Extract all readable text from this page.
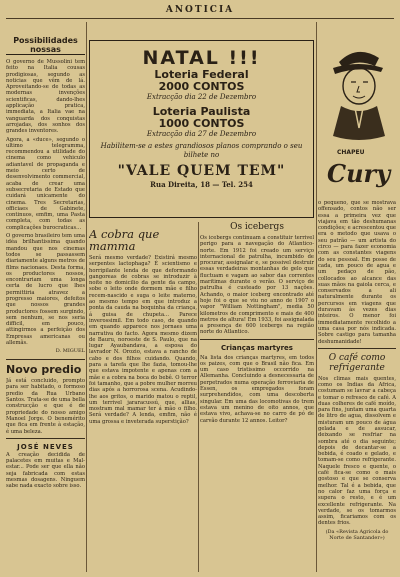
ANOTICIA
Possibilidades nossas

O governo de Mussolini tem feito na Italia cousas prodigiosas, segundo as noticias que vêm de lá. Aproveitando-se de todas as modernas invenções scientificas, dando-lhes applicação pratica, immediata, a Italia vae na vanguarda dos conquistas arrojadas, dos sonhos dos grandes inventores.

Agora, a «duce», segundo o ultimo telegramma, recommendou a utilidade do cinema como vehiculo adiantavel de propaganda e meio certo de desenvolvimento commercial, acaba de crear uma subsecretaria de Estado que cuidará unicamente do cinema. Tres Secretarias, officiaes de Gabinete, continuos, emfim, uma Pasta completa, com todas as complicações burocraticas...

O governo brasileiro tem uma idéa brilhantissima quando mandou que nos cinemas todos se passassem diariamente alguns metros de films nacionaes. Desta forma, os productores nossos, encontrariam uma longa certa de lucro que lhes permittiria atravez a progresso maiores, defeitos que nossos grandes productores fossem surgindo, sem nenhum, se nos seria difficil, em pouco, attingirmos a perfeição dos Empresas americanas ou allemãs.

D. MIGUEL
Novo predio

Já está concluido, prompto para ser habitado, o formoso predio da Rua Urbano Santos. Trata-se de uma bella construcção e que é de propriedade do nosso amigo Manoel Jorge. O benemérito que fica em frente à estação, é uma beleza.

JOSÉ NEVES

A creação decidida de palacetes em muitas e Mal-estar... Pode ser que ella não seja fabricada com estas mesmas dosagens. Ninguem sabe nada exacto sobre isso.

NATAL !!!
Loteria Federal
2000 CONTOS
Extracção dia 22 de Dezembro
Loteria Paulista
1000 CONTOS
Extracção dia 27 de Dezembro
Habilitem-se a estes grandiosos planos comprando o seu bilhete no
"VALE QUEM TEM"
Rua Direita, 18 — Tel. 254
A cobra que mamma

Será mesmo verdade? Existirá mesmo serpentes lactophaga? É scientismo e horripilante lenda de que deformando gangoreas de cobras se introduzir à noite no domicilio da gente da campo, sobe o leito onde dormem mãe e filho recem-nascido e suga o leite materno, ao mesmo tempo em que introduz a ponta da cauda na boquinha da criança, á guisa de chupeta... Parece inverossimil. Em todo caso, de quando em quando apparece nos jornaes uma narrativa do facto. Agora mesmo dizem de Bauru, noroeste de S. Paulo, que na lugar Ayaubandava, a esposa do lavrador N. Orozio, estava a rancho de cabo e dos filhos cuidando. Quando, para a tarefa que lhe fazia, tomou-lhe que estava impotente e apenas com a mãe e a cobra na boca do bebê. O terror foi tamanho, que a pobre mulher morreu dias após a horrorosa scena. Acudindo-lhe aos gritos, o marido matou o reptil, um terrivel jararacussú, que, allias, mostram mal mamar ter á mão o filho. Será verdade? A lenda, emfim, não é uma grossa e inveterada superstição?

Os icebergs

Os icebergs continuam a constituir terrivel perigo para a navegação do Atlantico-norte. Em 1912 foi creado um serviço internacional de patrulha, incumbido de procurar, assignalar e, se possivel destruir essas verdadeiras montanhas de gelo que fluctuam e vagam ao sabor das correntes maritimas durante o verão. O serviço de patrulha é custeado por 13 nações. Achando, o maior iceberg encontrado até hoje foi o que se viu no anno de 1907 o vapor "William Nottingham", media 50 kilometros de comprimento e mais de 400 metros de altura! Em 1933, foi assignalada a presença de 600 icebergs na região norte do Atlantico.

Crianças martyres

Na lista dos crianças martyres, em todos os paizes, com que o Brasil não fica. Em um caso tristissimo occorrido na Allemanha. Concluindo a desnecessaria de perpetrados numa operação ferroviaria de Essen, os empregados foram surprehendidos, com uma descoberta singular. Em uma das locomotivas do trem estava um menino de oito annos, que estava vivo, achava-se no carro de pó de carvão durante 12 annos. Leitor?

CHAPEU
Cury

o pequeno, que se mostrava offensado, contos não ser essa a primeira vez que viajava em tão deshumanas condições; e acrescentou que era o metodo que usava o seu patrão — um artista do circo — para fazer economia com as constantes viagens do seu pessoal. Em posse de cada, um pouco de agua e um pedaço de pão, collocados ao alcance das suas mãos na gaiola cerca, e conservados a ali naturalmente durante os percursos em viagens que duravam às vezes dias inteiros. O menor foi immediatamente recolhido a uma casa por nós indicada. Sobre castigo para tamanha deshumanidade!

O café como refrigerante

Nos climas mais quentes, como os Indias da Africa, costumam se lavrar a cabeça e tomar o refresco de café. A duas colheres de café moído, para fins, juntam uma quarta de litro de agua, dissolvem e misturam um pouco de água gelada e de assucar, deixando se resfriar na sombra até o dia seguinte; depois de decantar-se a bebida, é coado e gelado, e tomam-se como refrigerante. Naquele fresco e quente, o café fica-se como o mais gostoso e que se conserva melhor. Tal é a bebida, que no calor faz uma força e supera o resto, e é um excellente refrigerante. Na verdade, se os tomarmos assim, ficariamos com os dentes frios.

(Da «Revista Agricola do Norte de Santander»)
